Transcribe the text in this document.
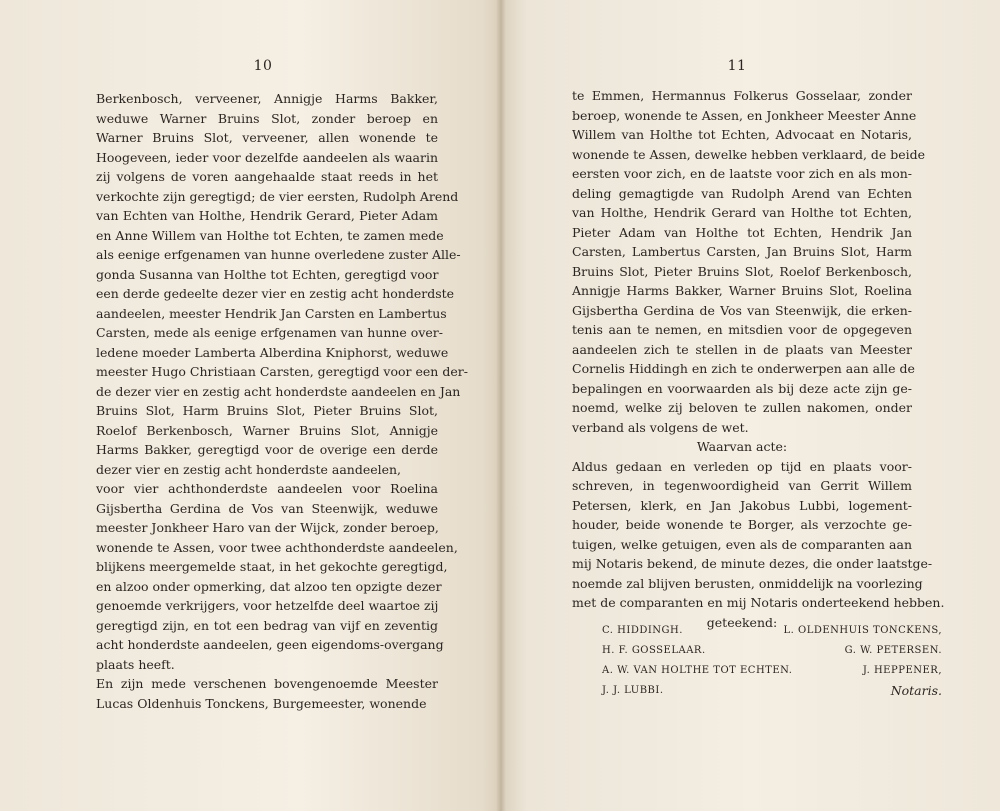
10
Berkenbosch, verveener, Annigje Harms Bakker,
weduwe Warner Bruins Slot, zonder beroep en
Warner Bruins Slot, verveener, allen wonende te
Hoogeveen, ieder voor dezelfde aandeelen als waarin
zij volgens de voren aangehaalde staat reeds in het
verkochte zijn geregtigd; de vier eersten, Rudolph Arend
van Echten van Holthe, Hendrik Gerard, Pieter Adam
en Anne Willem van Holthe tot Echten, te zamen mede
als eenige erfgenamen van hunne overledene zuster Alle-
gonda Susanna van Holthe tot Echten, geregtigd voor
een derde gedeelte dezer vier en zestig acht honderdste
aandeelen, meester Hendrik Jan Carsten en Lambertus
Carsten, mede als eenige erfgenamen van hunne over-
ledene moeder Lamberta Alberdina Kniphorst, weduwe
meester Hugo Christiaan Carsten, geregtigd voor een der-
de dezer vier en zestig acht honderdste aandeelen en Jan
Bruins Slot, Harm Bruins Slot, Pieter Bruins Slot,
Roelof Berkenbosch, Warner Bruins Slot, Annigje
Harms Bakker, geregtigd voor de overige een derde
dezer vier en zestig acht honderdste aandeelen,
voor vier achthonderdste aandeelen voor Roelina
Gijsbertha Gerdina de Vos van Steenwijk, weduwe
meester Jonkheer Haro van der Wijck, zonder beroep,
wonende te Assen, voor twee achthonderdste aandeelen,
blijkens meergemelde staat, in het gekochte geregtigd,
en alzoo onder opmerking, dat alzoo ten opzigte dezer
genoemde verkrijgers, voor hetzelfde deel waartoe zij
geregtigd zijn, en tot een bedrag van vijf en zeventig
acht honderdste aandeelen, geen eigendoms-overgang
plaats heeft.
En zijn mede verschenen bovengenoemde Meester
Lucas Oldenhuis Tonckens, Burgemeester, wonende
11
te Emmen, Hermannus Folkerus Gosselaar, zonder
beroep, wonende te Assen, en Jonkheer Meester Anne
Willem van Holthe tot Echten, Advocaat en Notaris,
wonende te Assen, dewelke hebben verklaard, de beide
eersten voor zich, en de laatste voor zich en als mon-
deling gemagtigde van Rudolph Arend van Echten
van Holthe, Hendrik Gerard van Holthe tot Echten,
Pieter Adam van Holthe tot Echten, Hendrik Jan
Carsten, Lambertus Carsten, Jan Bruins Slot, Harm
Bruins Slot, Pieter Bruins Slot, Roelof Berkenbosch,
Annigje Harms Bakker, Warner Bruins Slot, Roelina
Gijsbertha Gerdina de Vos van Steenwijk, die erken-
tenis aan te nemen, en mitsdien voor de opgegeven
aandeelen zich te stellen in de plaats van Meester
Cornelis Hiddingh en zich te onderwerpen aan alle de
bepalingen en voorwaarden als bij deze acte zijn ge-
noemd, welke zij beloven te zullen nakomen, onder
verband als volgens de wet.
Waarvan acte:
Aldus gedaan en verleden op tijd en plaats voor-
schreven, in tegenwoordigheid van Gerrit Willem
Petersen, klerk, en Jan Jakobus Lubbi, logement-
houder, beide wonende te Borger, als verzochte ge-
tuigen, welke getuigen, even als de comparanten aan
mij Notaris bekend, de minute dezes, die onder laatstge-
noemde zal blijven berusten, onmiddelijk na voorlezing
met de comparanten en mij Notaris onderteekend hebben.
geteekend:
C. HIDDINGH.	L. OLDENHUIS TONCKENS,
H. F. GOSSELAAR.	G. W. PETERSEN.
A. W. VAN HOLTHE TOT ECHTEN.	J. HEPPENER,
J. J. LUBBI.	Notaris.
